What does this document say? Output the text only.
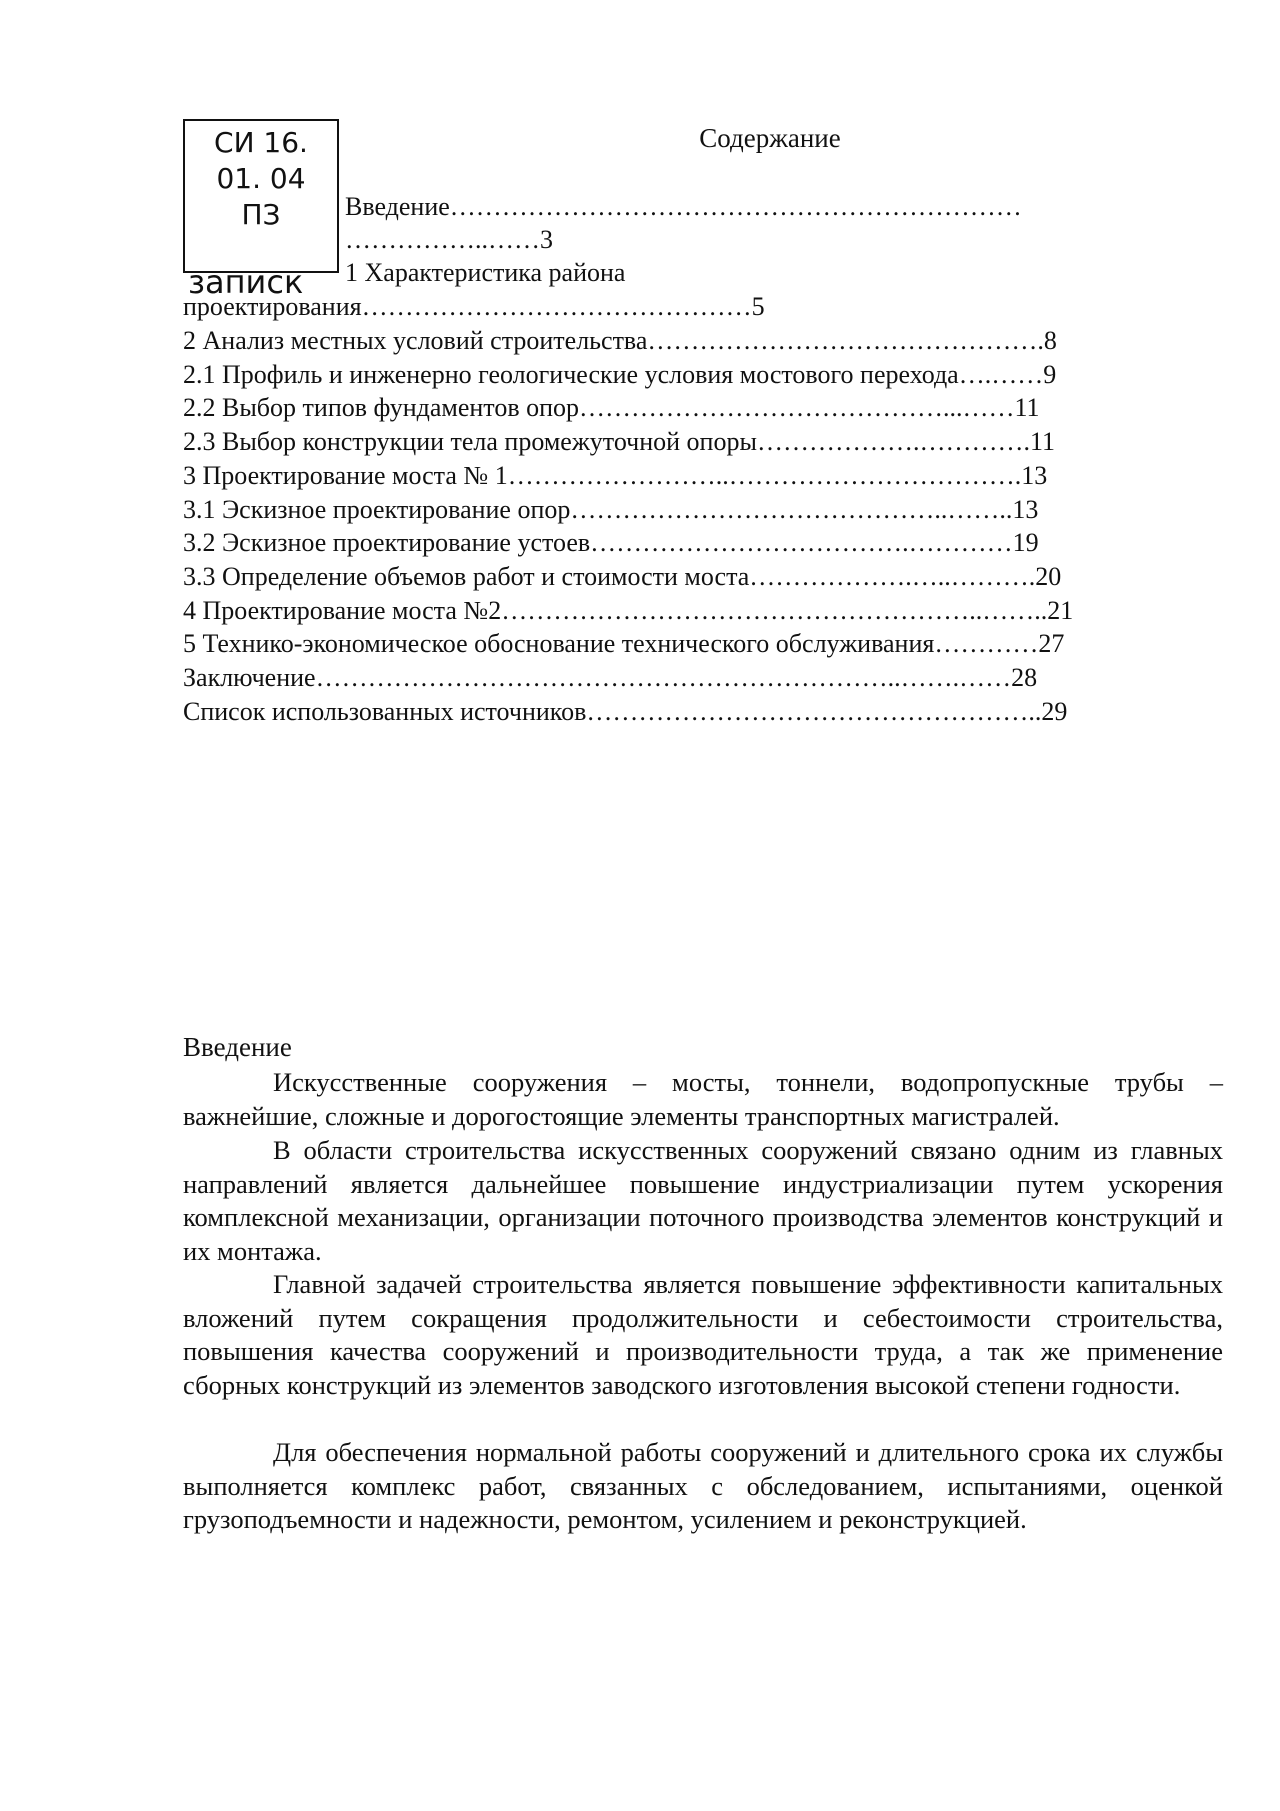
СИ 16.
01. 04
ПЗ
записк
Содержание
Введение…………………………………………………………
……………..……3
1 Характеристика района
проектирования………………………………………5
2 Анализ местных условий строительства……………………………………….8
2.1 Профиль и инженерно геологические условия мостового перехода….……9
2.2 Выбор типов фундаментов опор……………………………………...……11
2.3 Выбор конструкции тела промежуточной опоры……………….………….11
3 Проектирование моста № 1……………………..…………………………….13
3.1 Эскизное проектирование опор……………………………………..……..13
3.2 Эскизное проектирование устоев……………………………….…………19
3.3 Определение объемов работ и стоимости моста……………….…..……….20
4 Проектирование моста №2………………………………………………..……..21
5 Технико-экономическое обоснование технического обслуживания…………27
Заключение…………………………………………………………..…….……28
Список использованных источников……………………………………………..29
Введение

Искусственные сооружения – мосты, тоннели, водопропускные трубы – важнейшие, сложные и дорогостоящие элементы транспортных магистралей.

В области строительства искусственных сооружений связано одним из главных направлений является дальнейшее повышение индустриализации путем ускорения комплексной механизации, организации поточного производства элементов конструкций и их монтажа.

Главной задачей строительства является повышение эффективности капитальных вложений путем сокращения продолжительности и себестоимости строительства, повышения качества сооружений и производительности труда, а так же применение сборных конструкций из элементов заводского изготовления высокой степени годности.

Для обеспечения нормальной работы сооружений и длительного срока их службы выполняется комплекс работ, связанных с обследованием, испытаниями, оценкой грузоподъемности и надежности, ремонтом, усилением и реконструкцией.
